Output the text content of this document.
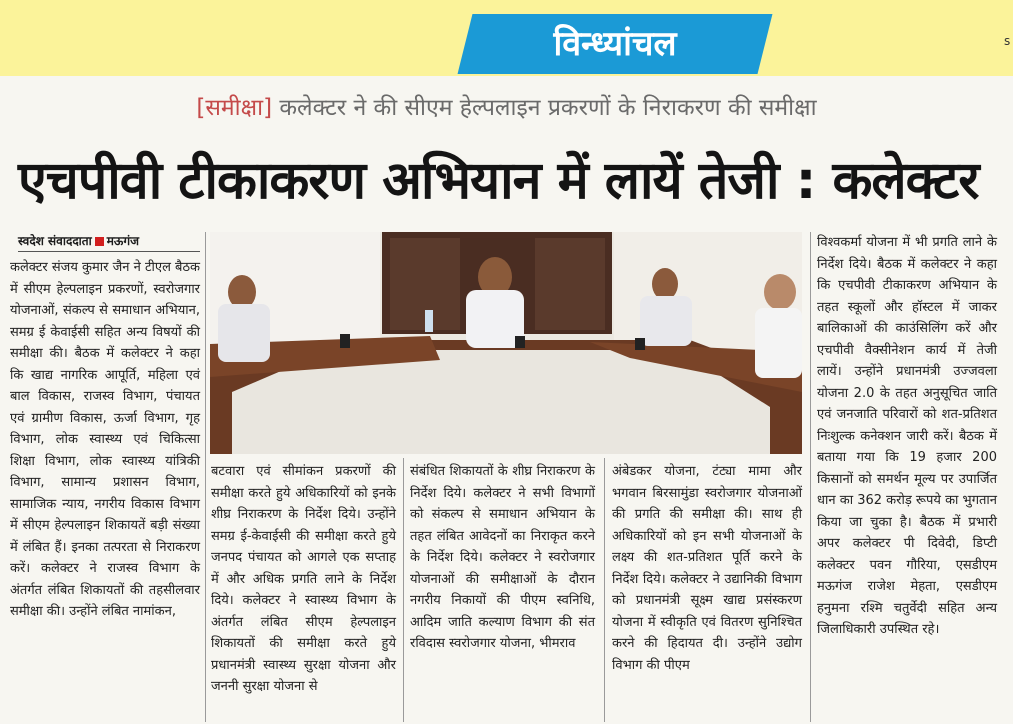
विन्ध्यांचल	s
[समीक्षा] कलेक्टर ने की सीएम हेल्पलाइन प्रकरणों के निराकरण की समीक्षा
एचपीवी टीकाकरण अभियान में लायें तेजी : कलेक्टर
स्वदेश संवाददाता मऊगंज
कलेक्टर संजय कुमार जैन ने टीएल बैठक में सीएम हेल्पलाइन प्रकरणों, स्वरोजगार योजनाओं, संकल्प से समाधान अभियान, समग्र ई केवाईसी सहित अन्य विषयों की समीक्षा की। बैठक में कलेक्टर ने कहा कि खाद्य नागरिक आपूर्ति, महिला एवं बाल विकास, राजस्व विभाग, पंचायत एवं ग्रामीण विकास, ऊर्जा विभाग, गृह विभाग, लोक स्वास्थ्य एवं चिकित्सा शिक्षा विभाग, लोक स्वास्थ्य यांत्रिकी विभाग, सामान्य प्रशासन विभाग, सामाजिक न्याय, नगरीय विकास विभाग में सीएम हेल्पलाइन शिकायतें बड़ी संख्या में लंबित हैं। इनका तत्परता से निराकरण करें। कलेक्टर ने राजस्व विभाग के अंतर्गत लंबित शिकायतों की तहसीलवार समीक्षा की। उन्होंने लंबित नामांकन,
बटवारा एवं सीमांकन प्रकरणों की समीक्षा करते हुये अधिकारियों को इनके शीघ्र निराकरण के निर्देश दिये। उन्होंने समग्र ई-केवाईसी की समीक्षा करते हुये जनपद पंचायत को आगले एक सप्ताह में और अधिक प्रगति लाने के निर्देश दिये। कलेक्टर ने स्वास्थ्य विभाग के अंतर्गत लंबित सीएम हेल्पलाइन शिकायतों की समीक्षा करते हुये प्रधानमंत्री स्वास्थ्य सुरक्षा योजना और जननी सुरक्षा योजना से
संबंधित शिकायतों के शीघ्र निराकरण के निर्देश दिये। कलेक्टर ने सभी विभागों को संकल्प से समाधान अभियान के तहत लंबित आवेदनों का निराकृत करने के निर्देश दिये। कलेक्टर ने स्वरोजगार योजनाओं की समीक्षाओं के दौरान नगरीय निकायों की पीएम स्वनिधि, आदिम जाति कल्याण विभाग की संत रविदास स्वरोजगार योजना, भीमराव
अंबेडकर योजना, टंट्या मामा और भगवान बिरसामुंडा स्वरोजगार योजनाओं की प्रगति की समीक्षा की। साथ ही अधिकारियों को इन सभी योजनाओं के लक्ष्य की शत-प्रतिशत पूर्ति करने के निर्देश दिये। कलेक्टर ने उद्यानिकी विभाग को प्रधानमंत्री सूक्ष्म खाद्य प्रसंस्करण योजना में स्वीकृति एवं वितरण सुनिश्चित करने की हिदायत दी। उन्होंने उद्योग विभाग की पीएम
विश्वकर्मा योजना में भी प्रगति लाने के निर्देश दिये। बैठक में कलेक्टर ने कहा कि एचपीवी टीकाकरण अभियान के तहत स्कूलों और हॉस्टल में जाकर बालिकाओं की काउंसिलिंग करें और एचपीवी वैक्सीनेशन कार्य में तेजी लायें। उन्होंने प्रधानमंत्री उज्जवला योजना 2.0 के तहत अनुसूचित जाति एवं जनजाति परिवारों को शत-प्रतिशत निःशुल्क कनेक्शन जारी करें। बैठक में बताया गया कि 19 हजार 200 किसानों को समर्थन मूल्य पर उपार्जित धान का 362 करोड़ रूपये का भुगतान किया जा चुका है। बैठक में प्रभारी अपर कलेक्टर पी दिवेदी, डिप्टी कलेक्टर पवन गौरिया, एसडीएम मऊगंज राजेश मेहता, एसडीएम हनुमना रश्मि चतुर्वेदी सहित अन्य जिलाधिकारी उपस्थित रहे।
